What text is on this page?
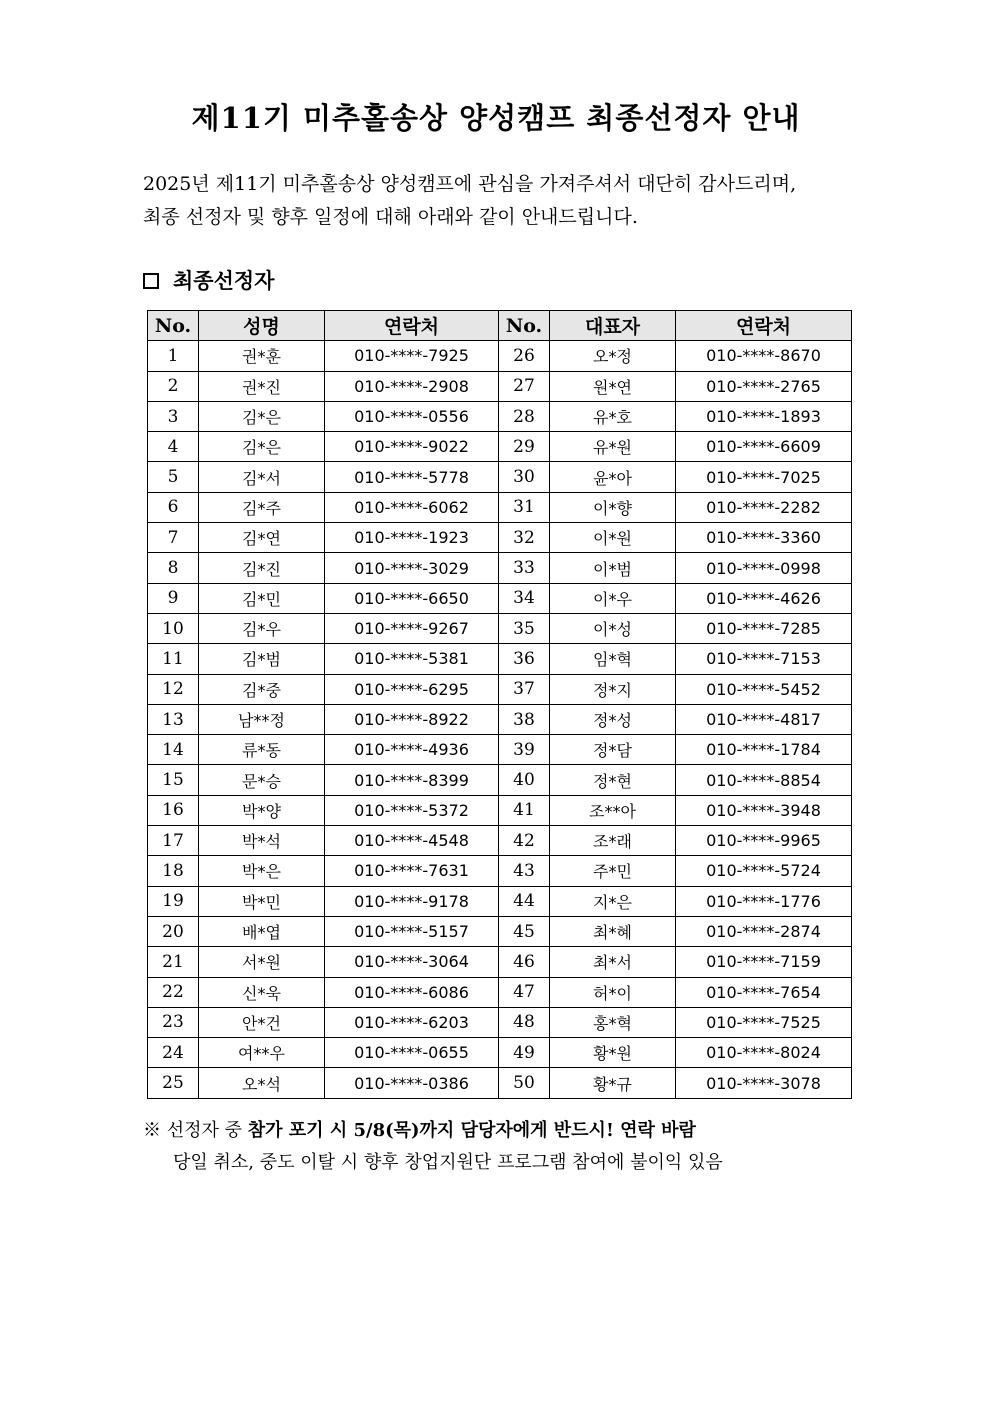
제11기 미추홀송상 양성캠프 최종선정자 안내

2025년 제11기 미추홀송상 양성캠프에 관심을 가져주셔서 대단히 감사드리며,

최종 선정자 및 향후 일정에 대해 아래와 같이 안내드립니다.

최종선정자
No.	성명	연락처	No.	대표자	연락처
1	권*훈	010-****-7925	26	오*정	010-****-8670
2	권*진	010-****-2908	27	원*연	010-****-2765
3	김*은	010-****-0556	28	유*호	010-****-1893
4	김*은	010-****-9022	29	유*원	010-****-6609
5	김*서	010-****-5778	30	윤*아	010-****-7025
6	김*주	010-****-6062	31	이*향	010-****-2282
7	김*연	010-****-1923	32	이*원	010-****-3360
8	김*진	010-****-3029	33	이*범	010-****-0998
9	김*민	010-****-6650	34	이*우	010-****-4626
10	김*우	010-****-9267	35	이*성	010-****-7285
11	김*범	010-****-5381	36	임*혁	010-****-7153
12	김*중	010-****-6295	37	정*지	010-****-5452
13	남**정	010-****-8922	38	정*성	010-****-4817
14	류*동	010-****-4936	39	정*담	010-****-1784
15	문*승	010-****-8399	40	정*현	010-****-8854
16	박*양	010-****-5372	41	조**아	010-****-3948
17	박*석	010-****-4548	42	조*래	010-****-9965
18	박*은	010-****-7631	43	주*민	010-****-5724
19	박*민	010-****-9178	44	지*은	010-****-1776
20	배*엽	010-****-5157	45	최*혜	010-****-2874
21	서*원	010-****-3064	46	최*서	010-****-7159
22	신*욱	010-****-6086	47	허*이	010-****-7654
23	안*건	010-****-6203	48	홍*혁	010-****-7525
24	여**우	010-****-0655	49	황*원	010-****-8024
25	오*석	010-****-0386	50	황*규	010-****-3078

※ 선정자 중 참가 포기 시 5/8(목)까지 담당자에게 반드시! 연락 바람

당일 취소, 중도 이탈 시 향후 창업지원단 프로그램 참여에 불이익 있음
